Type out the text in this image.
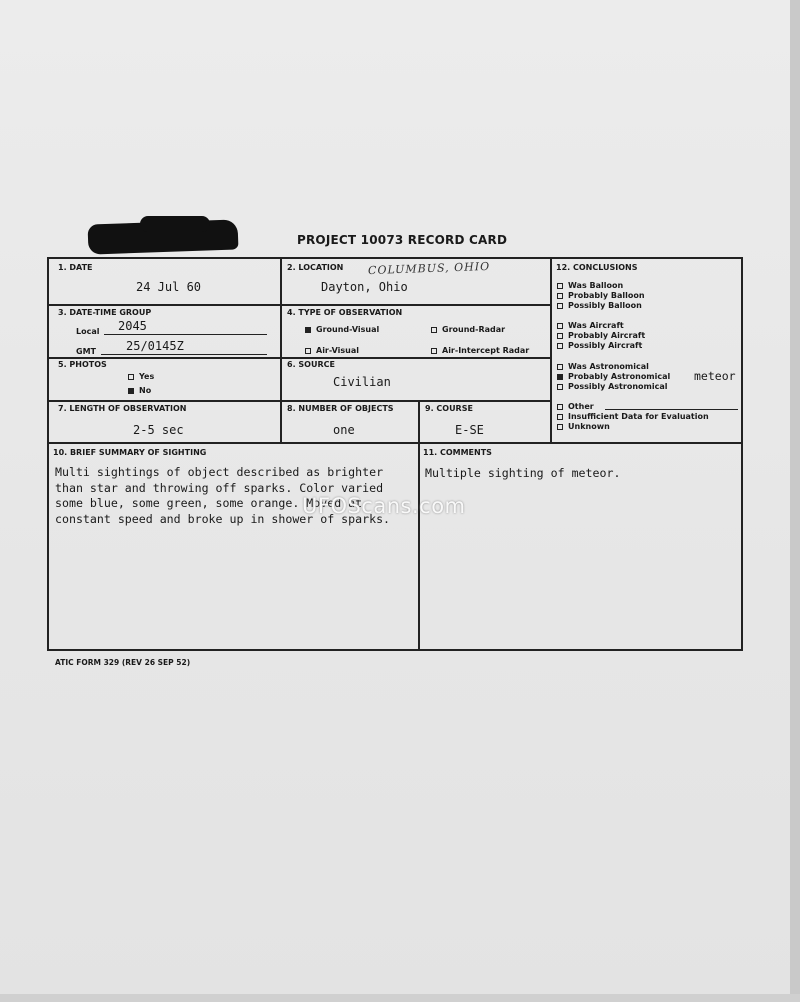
PROJECT 10073 RECORD CARD
1. DATE
24 Jul 60
2. LOCATION COLUMBUS, OHIO
Dayton, Ohio
3. DATE-TIME GROUP
Local 2045
GMT	25/0145Z
4. TYPE OF OBSERVATION
Ground-Visual	Ground-Radar
Air-Visual	Air-Intercept Radar
5. PHOTOS
Yes
No
6. SOURCE
Civilian
7. LENGTH OF OBSERVATION
2-5 sec
8. NUMBER OF OBJECTS
one
9. COURSE
E-SE
10. BRIEF SUMMARY OF SIGHTING
Multi sightings of object described as brighter
than star and throwing off sparks. Color varied
some blue, some green, some orange. Moved at
constant speed and broke up in shower of sparks.
11. COMMENTS
Multiple sighting of meteor.
12. CONCLUSIONS
Was Balloon
Probably Balloon
Possibly Balloon
Was Aircraft
Probably Aircraft
Possibly Aircraft
Was Astronomical
Probably Astronomical
Possibly Astronomical
meteor
Other
Insufficient Data for Evaluation
Unknown
UFOScans.com
ATIC FORM 329 (REV 26 SEP 52)
